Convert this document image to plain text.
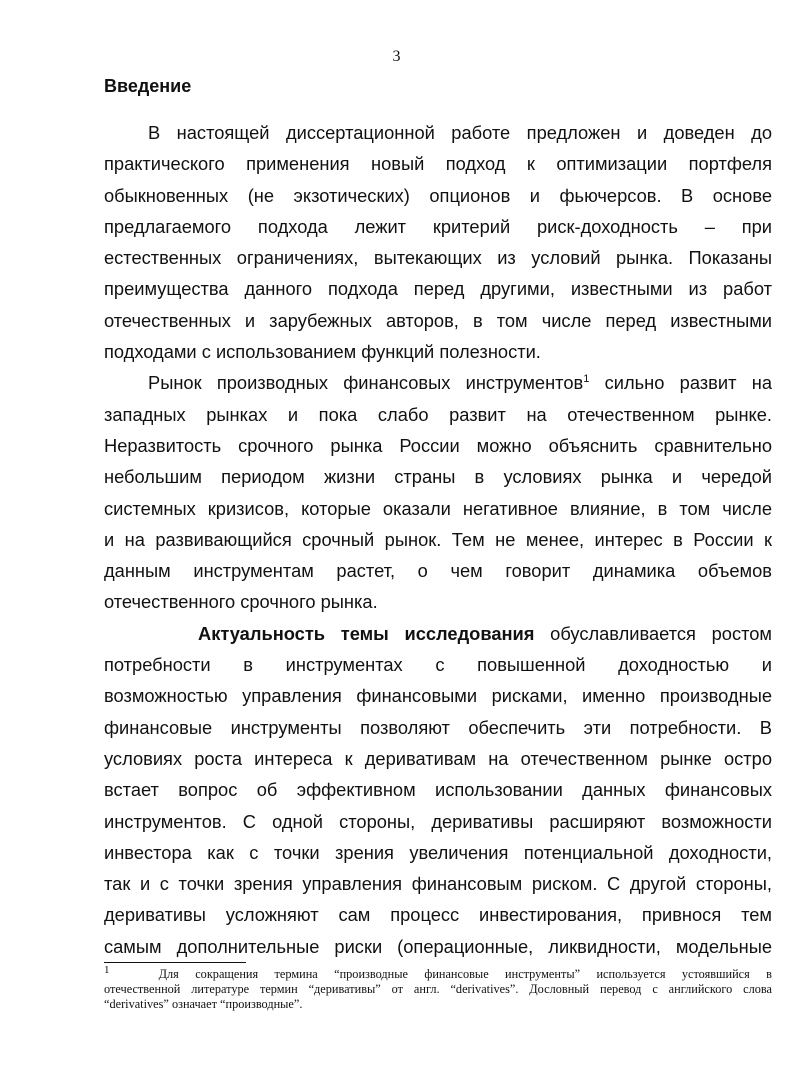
3
Введение
В настоящей диссертационной работе предложен и доведен до
практического применения новый подход к оптимизации портфеля
обыкновенных (не экзотических) опционов и фьючерсов. В основе
предлагаемого подхода лежит критерий риск-доходность – при
естественных ограничениях, вытекающих из условий рынка. Показаны
преимущества данного подхода перед другими, известными из работ
отечественных и зарубежных авторов, в том числе перед известными
подходами с использованием функций полезности.
Рынок производных финансовых инструментов$^1$ сильно развит на
западных рынках и пока слабо развит на отечественном рынке.
Неразвитость срочного рынка России можно объяснить сравнительно
небольшим периодом жизни страны в условиях рынка и чередой
системных кризисов, которые оказали негативное влияние, в том числе
и на развивающийся срочный рынок. Тем не менее, интерес в России к
данным инструментам растет, о чем говорит динамика объемов
отечественного срочного рынка.
Актуальность темы исследования обуславливается ростом
потребности в инструментах с повышенной доходностью и
возможностью управления финансовыми рисками, именно производные
финансовые инструменты позволяют обеспечить эти потребности. В
условиях роста интереса к деривативам на отечественном рынке остро
встает вопрос об эффективном использовании данных финансовых
инструментов. С одной стороны, деривативы расширяют возможности
инвестора как с точки зрения увеличения потенциальной доходности,
так и с точки зрения управления финансовым риском. С другой стороны,
деривативы усложняют сам процесс инвестирования, привнося тем
самым дополнительные риски (операционные, ликвидности, модельные
$^1$	Для сокращения термина “производные финансовые инструменты” используется устоявшийся в
отечественной литературе термин “деривативы” от англ. “derivatives”. Дословный перевод с английского слова
“derivatives” означает “производные”.
